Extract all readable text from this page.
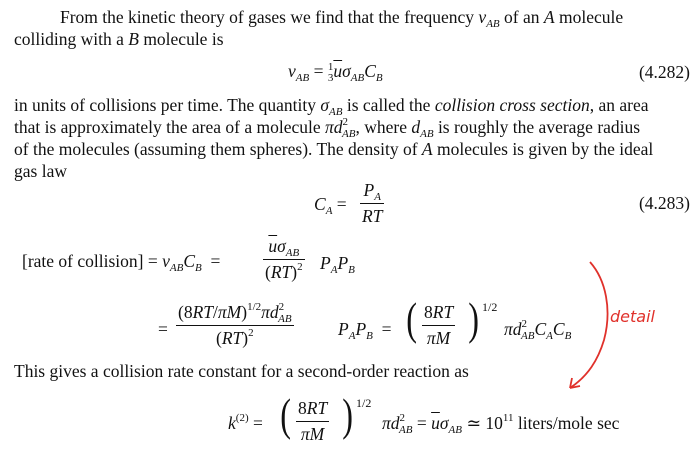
From the kinetic theory of gases we find that the frequency $\nu_{AB}$ of an A molecule
colliding with a B molecule is
$\nu_{AB} = 1$
$3\overline{u}\sigma_{AB}C_B$	(4.282)
in units of collisions per time. The quantity $\sigma_{AB}$ is called the collision cross section, an area
that is approximately the area of a molecule $\pi d^2_{AB}$, where $d_{AB}$ is roughly the average radius
of the molecules (assuming them spheres). The density of A molecules is given by the ideal
gas law
$C_A$ =
$P_A$
RT
(4.283)
[rate of collision] = $\nu_{AB}C_B$  =
$\overline{u}\sigma_{AB}$
(RT)$^2$ $P_AP_B$
=
$(8RT/\pi M)^{1/2}\pi d^2_{AB}$
(RT)$^2$	$P_AP_B$  = ( 8RT
πM ) 1/2
$\pi d^2_{AB}C_AC_B$
detail
This gives a collision rate constant for a second-order reaction as
$k^{(2)}$ = ( 8RT
πM ) 1/2
$\pi d^2_{AB} = \overline{u}\sigma_{AB}$ ≃ $10^{11}$ liters/mole sec
